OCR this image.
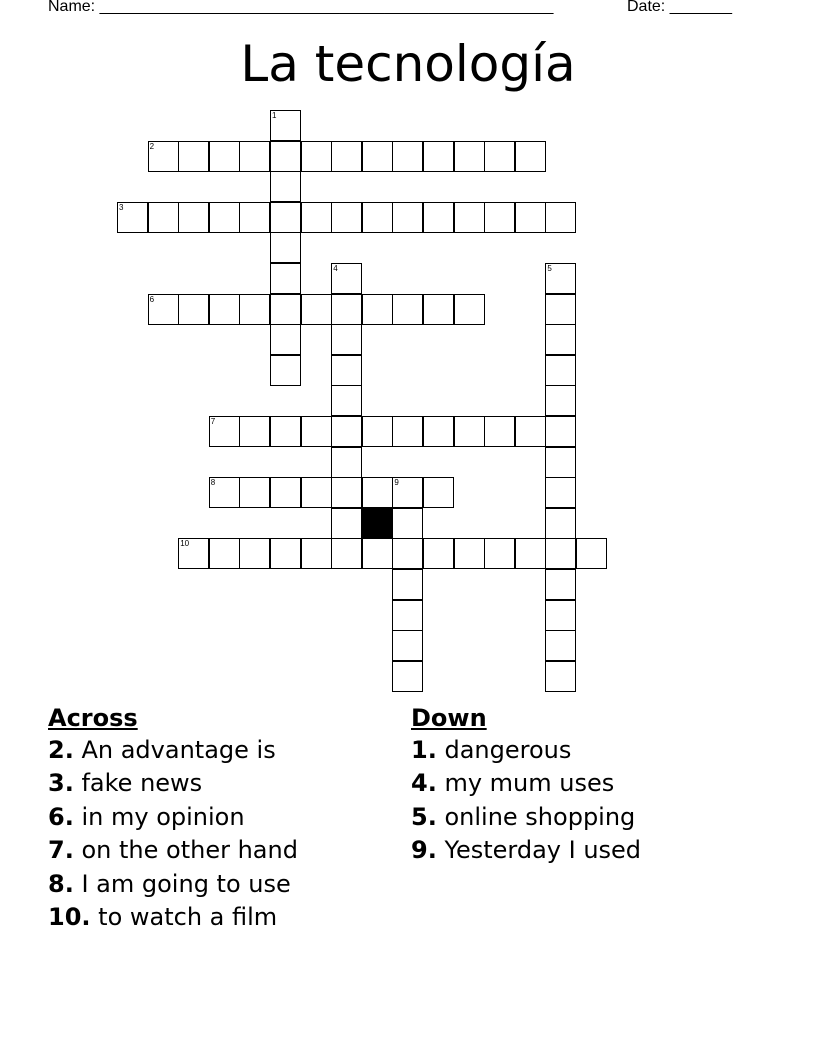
Name: ___________________________________________________	Date: _______
La tecnología
1
2
3
4	5
6
7
8	9
10
Across
2. An advantage is
3. fake news
6. in my opinion
7. on the other hand
8. I am going to use
10. to watch a film
Down
1. dangerous
4. my mum uses
5. online shopping
9. Yesterday I used
